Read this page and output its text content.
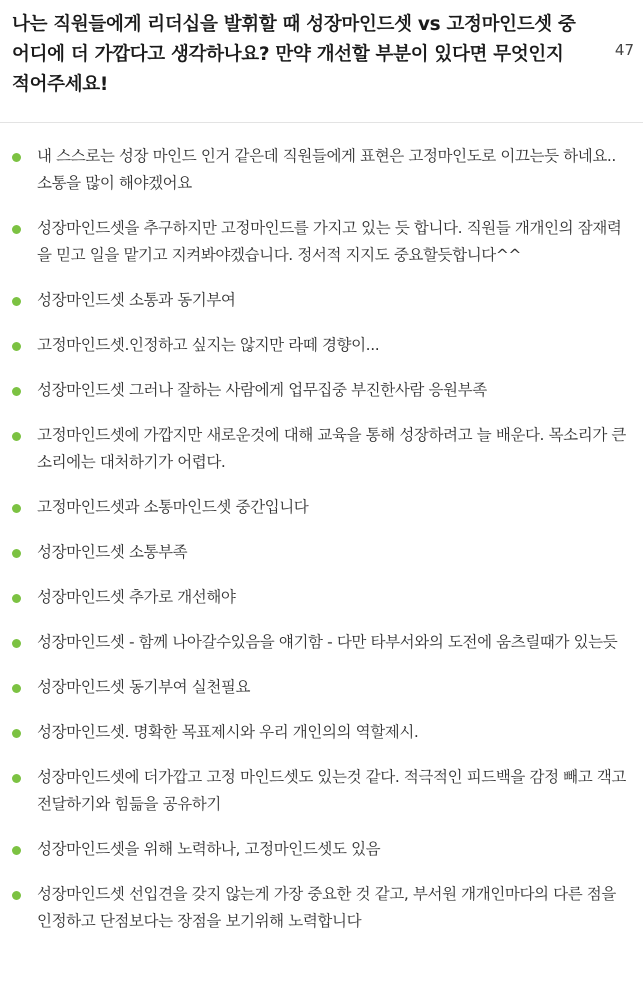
나는 직원들에게 리더십을 발휘할 때 성장마인드셋 vs 고정마인드셋 중 어디에 더 가깝다고 생각하나요? 만약 개선할 부분이 있다면 무엇인지 적어주세요!
47
내 스스로는 성장 마인드 인거 같은데 직원들에게 표현은 고정마인도로 이끄는듯 하네요.. 소통을 많이 해야겠어요
성장마인드셋을 추구하지만 고정마인드를 가지고 있는 듯 합니다. 직원들 개개인의 잠재력을 믿고 일을 맡기고 지켜봐야겠습니다. 정서적 지지도 중요할듯합니다^^
성장마인드셋 소통과 동기부여
고정마인드셋.인정하고 싶지는 않지만 라떼 경향이...
성장마인드셋 그러나 잘하는 사람에게 업무집중 부진한사람 응원부족
고정마인드셋에 가깝지만 새로운것에 대해 교육을 통해 성장하려고 늘 배운다. 목소리가 큰소리에는 대처하기가 어렵다.
고정마인드셋과 소통마인드셋 중간입니다
성장마인드셋 소통부족
성장마인드셋 추가로 개선해야
성장마인드셋 - 함께 나아갈수있음을 얘기함 - 다만 타부서와의 도전에 움츠릴때가 있는듯
성장마인드셋 동기부여 실천필요
성장마인드셋. 명확한 목표제시와 우리 개인의의 역할제시.
성장마인드셋에 더가깝고 고정 마인드셋도 있는것 같다. 적극적인 피드백을 감정 빼고 객고전달하기와 힘듦을 공유하기
성장마인드셋을 위해 노력하나, 고정마인드셋도 있음
성장마인드셋 선입견을 갖지 않는게 가장 중요한 것 같고, 부서원 개개인마다의 다른 점을 인정하고 단점보다는 장점을 보기위해 노력합니다
